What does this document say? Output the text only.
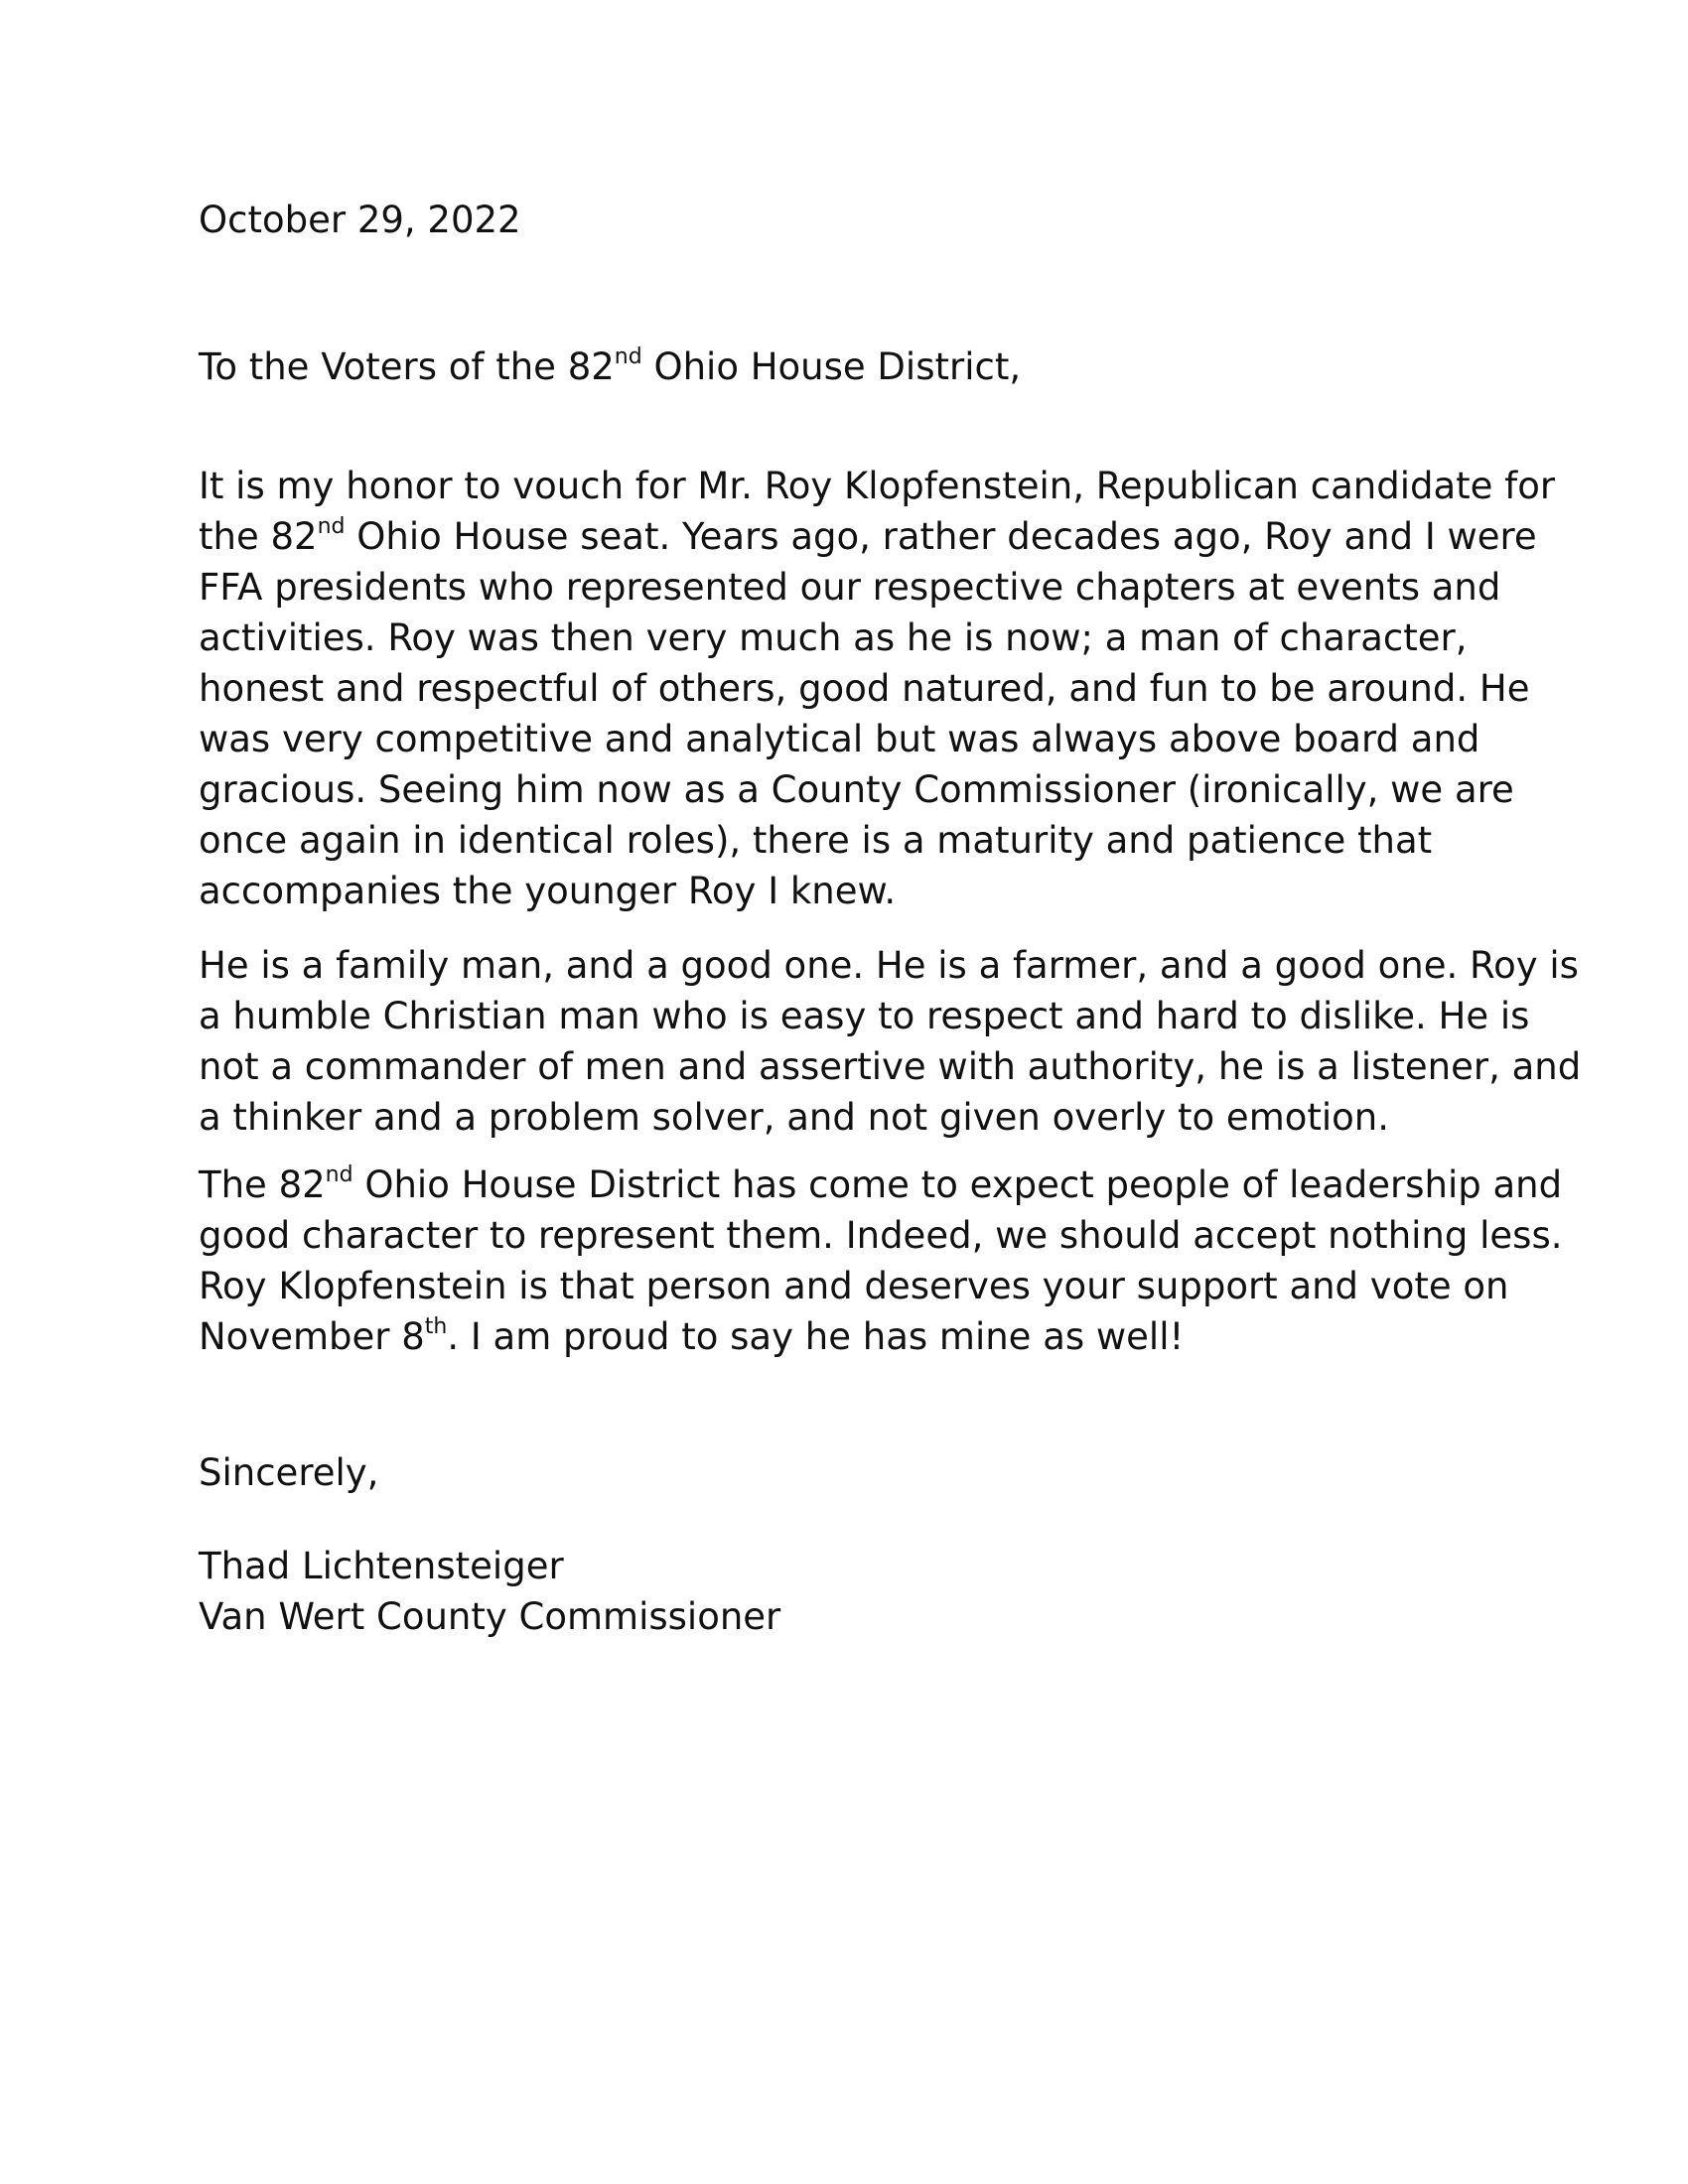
October 29, 2022

To the Voters of the 82nd Ohio House District,

It is my honor to vouch for Mr. Roy Klopfenstein, Republican candidate for
the 82nd Ohio House seat. Years ago, rather decades ago, Roy and I were
FFA presidents who represented our respective chapters at events and
activities. Roy was then very much as he is now; a man of character,
honest and respectful of others, good natured, and fun to be around. He
was very competitive and analytical but was always above board and
gracious. Seeing him now as a County Commissioner (ironically, we are
once again in identical roles), there is a maturity and patience that
accompanies the younger Roy I knew.
He is a family man, and a good one. He is a farmer, and a good one. Roy is
a humble Christian man who is easy to respect and hard to dislike. He is
not a commander of men and assertive with authority, he is a listener, and
a thinker and a problem solver, and not given overly to emotion.
The 82nd Ohio House District has come to expect people of leadership and
good character to represent them. Indeed, we should accept nothing less.
Roy Klopfenstein is that person and deserves your support and vote on
November 8th. I am proud to say he has mine as well!

Sincerely,

Thad Lichtensteiger

Van Wert County Commissioner
